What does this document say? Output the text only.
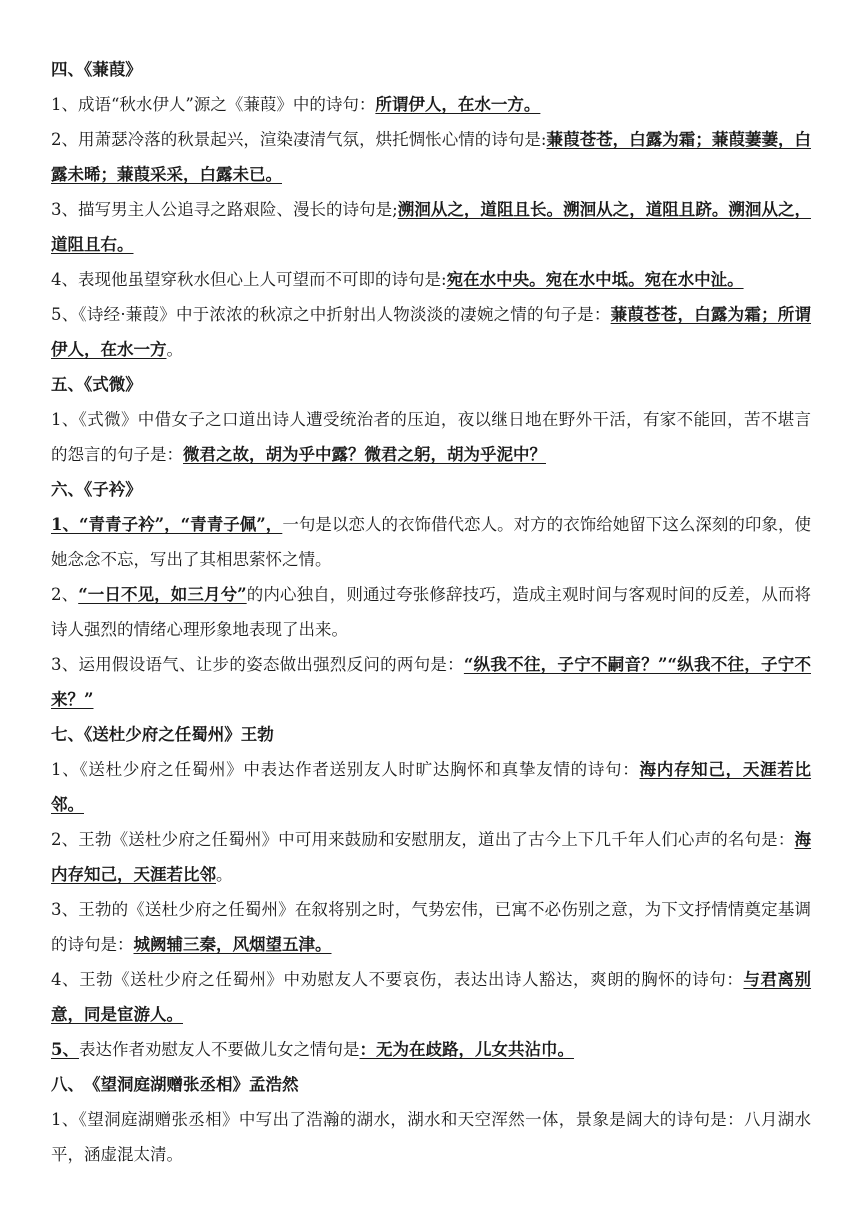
四、《蒹葭》

1、成语“秋水伊人”源之《蒹葭》中的诗句：所谓伊人，在水一方。

2、用萧瑟冷落的秋景起兴，渲染凄清气氛，烘托惆怅心情的诗句是:蒹葭苍苍，白露为霜；蒹葭萋萋，白露未晞；蒹葭采采，白露未已。

3、描写男主人公追寻之路艰险、漫长的诗句是;溯洄从之，道阻且长。溯洄从之，道阻且跻。溯洄从之，道阻且右。

4、表现他虽望穿秋水但心上人可望而不可即的诗句是:宛在水中央。宛在水中坻。宛在水中沚。

5、《诗经·蒹葭》中于浓浓的秋凉之中折射出人物淡淡的凄婉之情的句子是：蒹葭苍苍，白露为霜；所谓伊人，在水一方。

五、《式微》

1、《式微》中借女子之口道出诗人遭受统治者的压迫，夜以继日地在野外干活，有家不能回，苦不堪言的怨言的句子是：微君之故，胡为乎中露？微君之躬，胡为乎泥中？

六、《子衿》

1、“青青子衿”，“青青子佩”，一句是以恋人的衣饰借代恋人。对方的衣饰给她留下这么深刻的印象，使她念念不忘，写出了其相思萦怀之情。

2、“一日不见，如三月兮”的内心独自，则通过夸张修辞技巧，造成主观时间与客观时间的反差，从而将诗人强烈的情绪心理形象地表现了出来。

3、运用假设语气、让步的姿态做出强烈反问的两句是：“纵我不往，子宁不嗣音？”“纵我不往，子宁不来？”

七、《送杜少府之任蜀州》王勃

1、《送杜少府之任蜀州》中表达作者送别友人时旷达胸怀和真挚友情的诗句：海内存知己，天涯若比邻。

2、王勃《送杜少府之任蜀州》中可用来鼓励和安慰朋友，道出了古今上下几千年人们心声的名句是：海内存知己，天涯若比邻。

3、王勃的《送杜少府之任蜀州》在叙将别之时，气势宏伟，已寓不必伤别之意，为下文抒情情奠定基调的诗句是：城阙辅三秦，风烟望五津。

4、王勃《送杜少府之任蜀州》中劝慰友人不要哀伤，表达出诗人豁达，爽朗的胸怀的诗句：与君离别意，同是宦游人。

5、表达作者劝慰友人不要做儿女之情句是：无为在歧路，儿女共沾巾。

八、　《望洞庭湖赠张丞相》孟浩然

1、《望洞庭湖赠张丞相》中写出了浩瀚的湖水，湖水和天空浑然一体，景象是阔大的诗句是：八月湖水平，涵虚混太清。
